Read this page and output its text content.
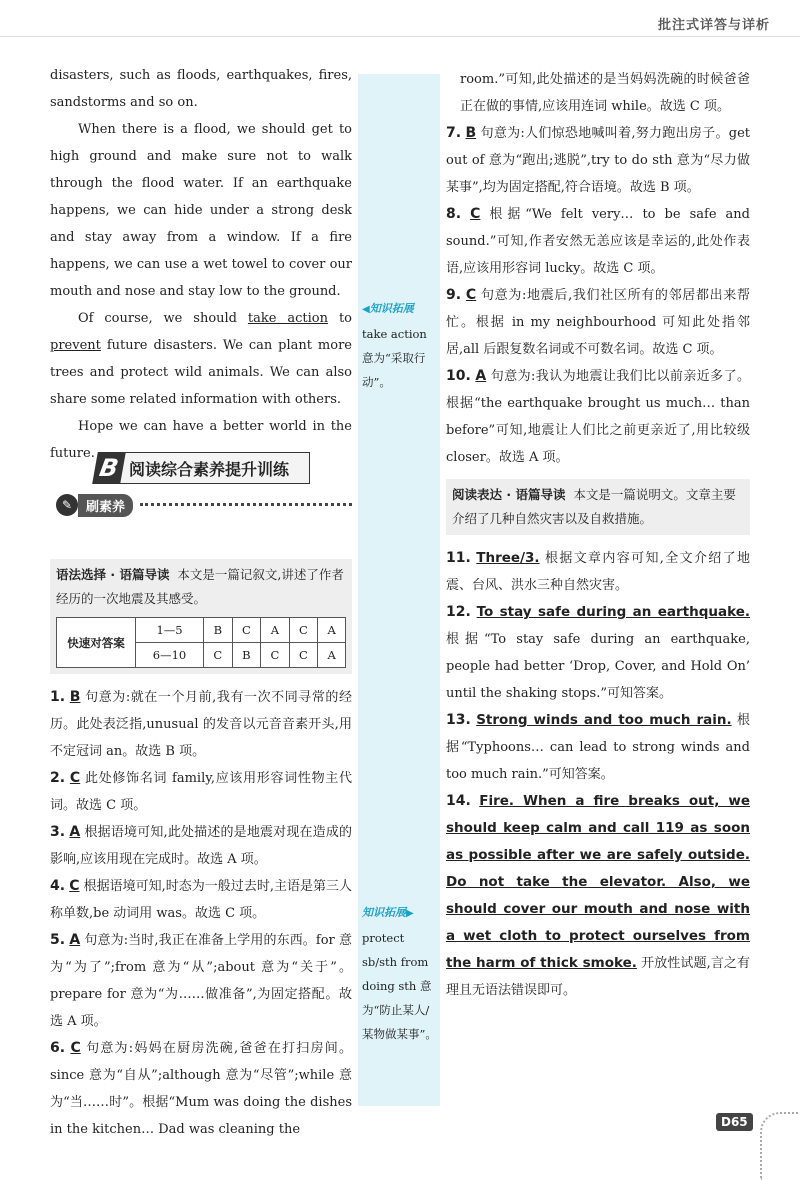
批注式详答与详析

disasters, such as floods, earthquakes, fires, sandstorms and so on.

When there is a flood, we should get to high ground and make sure not to walk through the flood water. If an earthquake happens, we can hide under a strong desk and stay away from a window. If a fire happens, we can use a wet towel to cover our mouth and nose and stay low to the ground.

Of course, we should take action to prevent future disasters. We can plant more trees and protect wild animals. We can also share some related information with others.

Hope we can have a better world in the future.

语法选择 · 语篇导读 本文是一篇记叙文,讲述了作者经历的一次地震及其感受。
快速对答案	1—5	B	C	A	C	A
	6—10	C	B	C	C	A
1. B 句意为:就在一个月前,我有一次不同寻常的经历。此处表泛指,unusual 的发音以元音音素开头,用不定冠词 an。故选 B 项。
2. C 此处修饰名词 family,应该用形容词性物主代词。故选 C 项。
3. A 根据语境可知,此处描述的是地震对现在造成的影响,应该用现在完成时。故选 A 项。
4. C 根据语境可知,时态为一般过去时,主语是第三人称单数,be 动词用 was。故选 C 项。
5. A 句意为:当时,我正在准备上学用的东西。for 意为“为了”;from 意为“从”;about 意为“关于”。prepare for 意为“为……做准备”,为固定搭配。故选 A 项。
6. C 句意为:妈妈在厨房洗碗,爸爸在打扫房间。since 意为“自从”;although 意为“尽管”;while 意为“当……时”。根据“Mum was doing the dishes in the kitchen… Dad was cleaning the
B 阅读综合素养提升训练
✎	刷素养
◀知识拓展
take action 意为“采取行动”。
知识拓展▶
protect sb/sth from doing sth 意为“防止某人/某物做某事”。
room.”可知,此处描述的是当妈妈洗碗的时候爸爸正在做的事情,应该用连词 while。故选 C 项。
7. B 句意为:人们惊恐地喊叫着,努力跑出房子。get out of 意为“跑出;逃脱”,try to do sth 意为“尽力做某事”,均为固定搭配,符合语境。故选 B 项。
8. C 根据“We felt very… to be safe and sound.”可知,作者安然无恙应该是幸运的,此处作表语,应该用形容词 lucky。故选 C 项。
9. C 句意为:地震后,我们社区所有的邻居都出来帮忙。根据 in my neighbourhood 可知此处指邻居,all 后跟复数名词或不可数名词。故选 C 项。
10. A 句意为:我认为地震让我们比以前亲近多了。根据“the earthquake brought us much… than before”可知,地震让人们比之前更亲近了,用比较级 closer。故选 A 项。
阅读表达 · 语篇导读 本文是一篇说明文。文章主要介绍了几种自然灾害以及自救措施。
11. Three/3. 根据文章内容可知,全文介绍了地震、台风、洪水三种自然灾害。
12. To stay safe during an earthquake. 根据“To stay safe during an earthquake, people had better ‘Drop, Cover, and Hold On’ until the shaking stops.”可知答案。
13. Strong winds and too much rain. 根据“Typhoons… can lead to strong winds and too much rain.”可知答案。
14. Fire. When a fire breaks out, we should keep calm and call 119 as soon as possible after we are safely outside. Do not take the elevator. Also, we should cover our mouth and nose with a wet cloth to protect ourselves from the harm of thick smoke. 开放性试题,言之有理且无语法错误即可。
D65
